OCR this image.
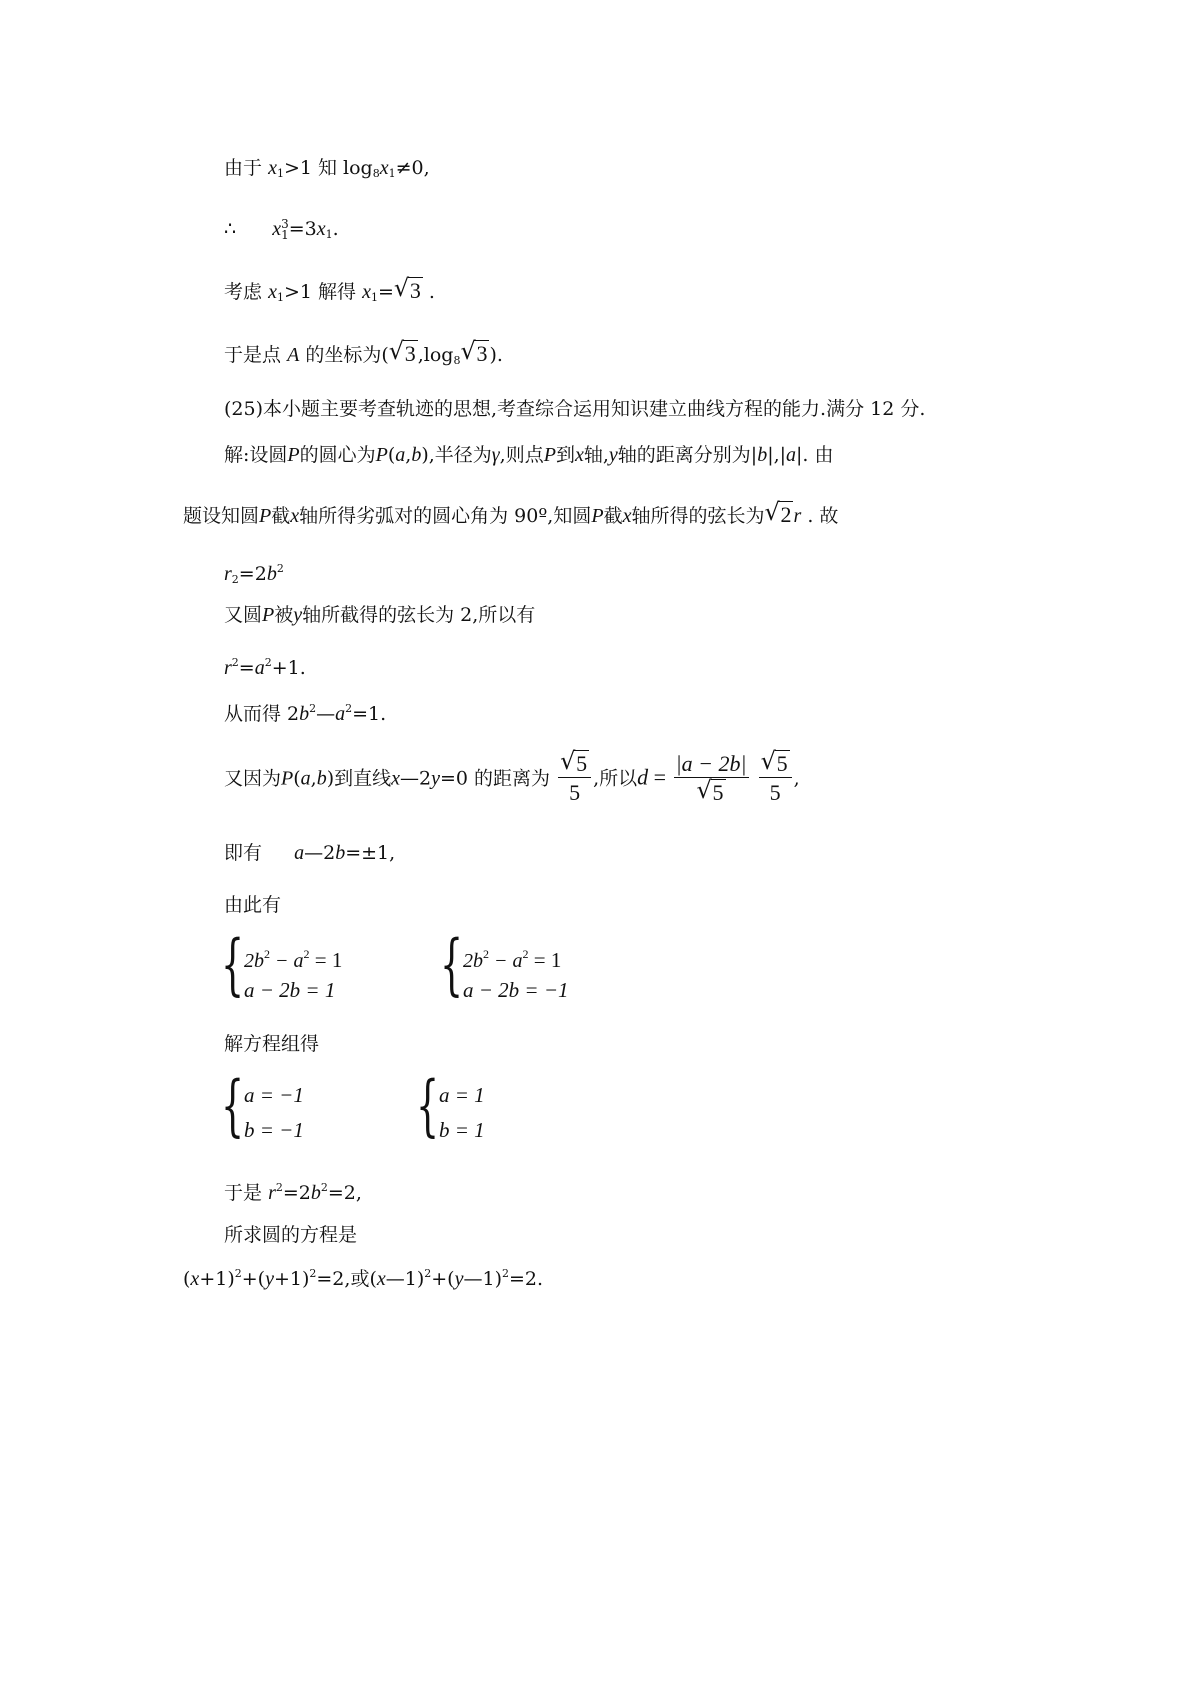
由于 $x_1>1$ 知 $\log_8x_1\ne 0$,
∴ x 3
$1 =3x_1$.
考虑 $x_1>1$ 解得 $x_1=$ √ 3 .
于是点 A 的坐标为( √ 3 $,\log_8$ √ 3 ).
(25)本小题主要考查轨迹的思想,考查综合运用知识建立曲线方程的能力.满分 12 分.
解:设圆P的圆心为P(a,b),半径为γ,则点P到x轴,y轴的距离分别为|b|,|a|. 由
题设知圆P截x轴所得劣弧对的圆心角为 90º,知圆P截x轴所得的弦长为 √ 2 r . 故
$r_2=2b^2$
又圆P被y轴所截得的弦长为 2,所以有
$r^2=a^2+1$.
从而得 $2b^2—a^2=1$.
又因为P(a,b)到直线x—2y=0 的距离为 $\frac{√ 5}{5}$ ,所以$d = \frac{|a - 2b|}{√ 5}$
$\frac{√ 5}{5}$ ,
即有 a—2b=±1,
由此有
{ $2b^2 - a^2 = 1$
a − 2b = 1 { $2b^2 - a^2 = 1$
a − 2b = −1
解方程组得
{ a = −1
b = −1 { a = 1
b = 1
于是 $r^2=2b^2=2$,
所求圆的方程是
$(x+1)^2+(y+1)^2=2$,或(x—1)$^2$+(y—1)$^2$=2.
